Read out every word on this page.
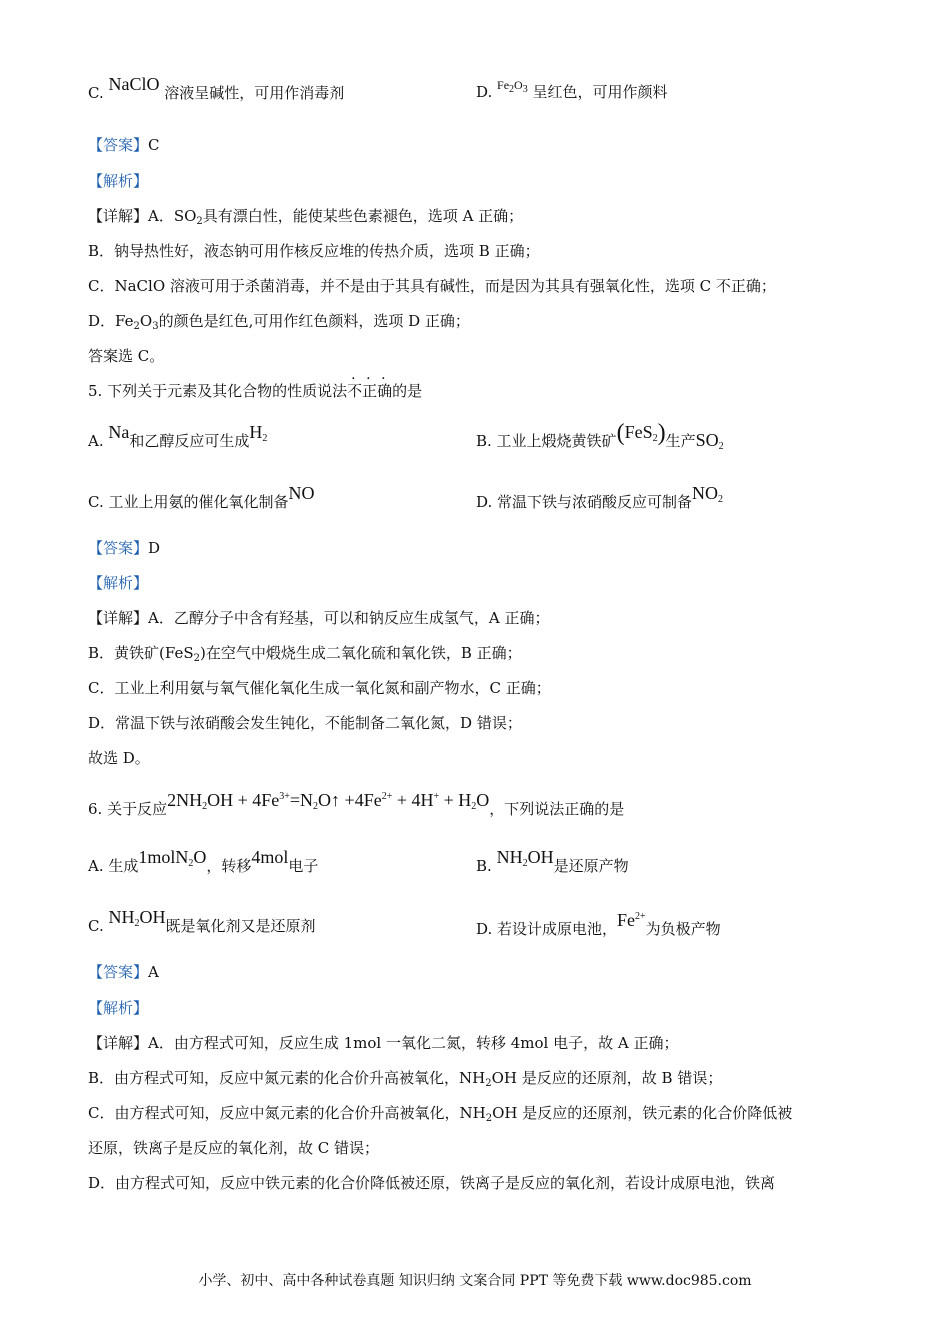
C. NaClO 溶液呈碱性，可用作消毒剂	D. $^{Fe_2O_3}$ 呈红色，可用作颜料
【答案】C
【解析】
【详解】A．$SO_2$具有漂白性，能使某些色素褪色，选项 A 正确；
B．钠导热性好，液态钠可用作核反应堆的传热介质，选项 B 正确；
C．NaClO 溶液可用于杀菌消毒，并不是由于其具有碱性，而是因为其具有强氧化性，选项 C 不正确；
D．$Fe_2O_3$的颜色是红色,可用作红色颜料，选项 D 正确；
答案选 C。
5. 下列关于元素及其化合物的性质说法不正确的是
A. Na和乙醇反应可生成$H_2$	B. 工业上煅烧黄铁矿(FeS$_2$)生产$SO_2$
C. 工业上用氨的催化氧化制备NO	D. 常温下铁与浓硝酸反应可制备$NO_2$
【答案】D
【解析】
【详解】A．乙醇分子中含有羟基，可以和钠反应生成氢气，A 正确；
B．黄铁矿(FeS$_2$)在空气中煅烧生成二氧化硫和氧化铁，B 正确；
C．工业上利用氨与氧气催化氧化生成一氧化氮和副产物水，C 正确；
D．常温下铁与浓硝酸会发生钝化，不能制备二氧化氮，D 错误；
故选 D。
6. 关于反应$2NH_2OH$ + $4Fe^{3+}=N_2O↑ +4Fe^{2+} + 4H^+ + H_2O$，下列说法正确的是
A. 生成1molN$_2$O，转移4mol电子	B. $NH_2OH$是还原产物
C. $NH_2OH$既是氧化剂又是还原剂	D. 若设计成原电池，$Fe^{2+}$为负极产物
【答案】A
【解析】
【详解】A．由方程式可知，反应生成 1mol 一氧化二氮，转移 4mol 电子，故 A 正确；
B．由方程式可知，反应中氮元素的化合价升高被氧化，$NH_2OH$ 是反应的还原剂，故 B 错误；
C．由方程式可知，反应中氮元素的化合价升高被氧化，$NH_2OH$ 是反应的还原剂，铁元素的化合价降低被
还原，铁离子是反应的氧化剂，故 C 错误；
D．由方程式可知，反应中铁元素的化合价降低被还原，铁离子是反应的氧化剂，若设计成原电池，铁离
小学、初中、高中各种试卷真题 知识归纳 文案合同 PPT 等免费下载 www.doc985.com
